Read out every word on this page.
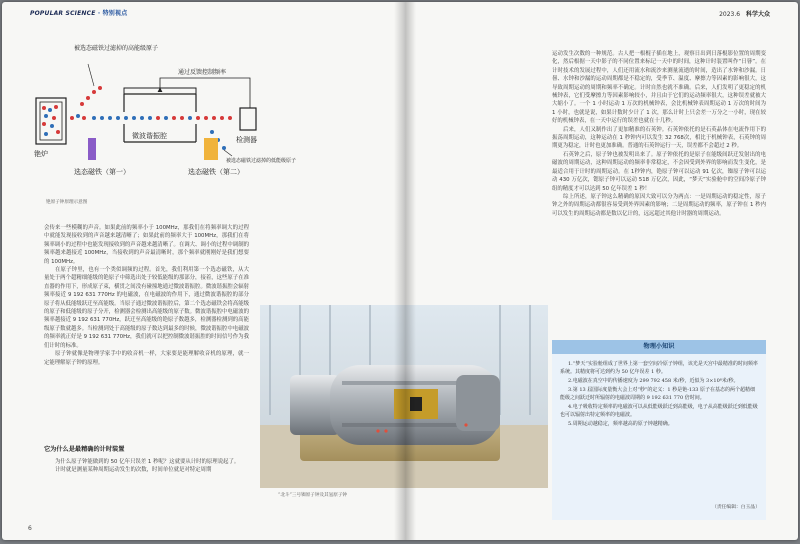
POPULAR SCIENCE · 特别视点	2023.6 科学大众
被选态磁铁过滤掉的高能级原子
通过反馈控制频率
铯炉
微波谐振腔	检测器
选态磁铁（第一）	选态磁铁（第二）
被选态磁铁过滤掉的低能级原子
铯原子钟原理示意图

会传来一些模糊的声音。如果此前的频率小于 100MHz，那我们在将频率调大的过程中就能发现接收到的声音越来越清晰了；如果此前的频率大于 100MHz，那我们在将频率调小的过程中也能发现接收到的声音越来越清晰了。在调大、调小的过程中调制的频率越来越接近 100MHz，当接收到的声音最清晰时，那个频率就刚刚好是我们想要的 100MHz。

在原子钟里，也有一个类似调频的过程。首先，我们利用第一个选态磁铁，从大量处于两个超精细能级的铯原子中筛选出处于较低能级的那部分，接着，这些原子在准直器的作用下，形成原子束，横贯之间没有碰撞地通过微波谐振腔。微波谐振腔会辐射频率接近 9 192 631 770Hz 的电磁波，在电磁波的作用下，通过微波谐振腔的部分原子将从低能级跃迁至高能级。当原子通过微波谐振腔后，第二个选态磁铁会将高能级的原子和低能级的原子分开，检测器会检测出高能级的原子数。微波谐振腔中电磁波的频率越接近 9 192 631 770Hz，跃迁至高能级的铯原子数越多，检测器检测到的高能级原子数就越多。当检测到处于高能级的原子数达到最多的时候，微波谐振腔中电磁波的频率就正好是 9 192 631 770Hz，我们就可以把控制微波谐振腔的时间信号作为我们计时的标准。

原子钟就像是物理学家手中的收音机一样，大家要是能理解收音机的原理，就一定能理解原子钟的原理。

它为什么是最精确的计时装置

为什么原子钟能做到的 50 亿年只误差 1 秒呢？这就要从计时的原理说起了。

计时就是测量某种周期运动发生的次数，时间单位就是对特定周期

6
“北斗”三号铷原子钟及其氢原子钟

运动发生次数的一种规范。古人把一根棍子插在地上，观察日出到日落棍影位置的周期变化，然后根据一天中影子的不同位置来标记一天中的时间，这种计时装置叫作“日晷”。在计时技术的发展过程中，人们还用流水和流沙来测量流逝的时间，造出了水钟和沙漏。日晷、水钟和沙漏的运动周期都是不稳定的，受季节、温度、摩擦力等因素的影响很大，这导致周期运动的周期和频率不确定。计时自然也就不准确。后来，人们发明了更稳定的机械钟表，它们受摩擦力等因素影响较小，并且由于它们的运动频率很大，这种误差就被大大缩小了。一个 1 小时运动 1 万次的机械钟表，会比机械钟表周期运动 1 万次的时间为 1 小时，也就是说，如果计数时少计了 1 次，那么计时上只会差一万分之一小时，现在较好的机械钟表，在一天中运行的误差也就在十几秒。

后来，人们又制作出了更加精准的石英钟。石英钟依托的是石英晶体在电流作用下的振荡周期运动，这种运动在 1 秒钟内可以发生 32 768次，相比于机械钟表，石英钟的周期更为稳定，计时也更加准确。普通的石英钟运行一天，误差都不会超过 2 秒。

石英钟之后，原子钟也被发明出来了。原子钟依托的是原子在能级间跃迁发射出的电磁波的周期运动，这种周期运动的频率非常稳定，不会因受到外界的影响而发生变化，是最适合用于计时的周期运动。在 1秒钟内，铯原子钟可以运动 91 亿次，铷原子钟可以运动 430 万亿次，锶原子钟可以运动 518 万亿次，因此，“梦天”实验舱中的空间冷原子钟组的精度才可以达到 50 亿年误差 1 秒！

综上所述，原子钟这么精确的原因大致可以分为两点：一是周期运动的稳定性，原子钟之外的周期运动都很容易受到外界因素的影响；二是周期运动的频率，原子钟在 1 秒内可以发生的周期运动都是数以亿计的，远远超过其他计时器的周期运动。

物理小知识

1.“梦天”实验舱组成了世界上第一套空间冷原子钟组，该光是天宫中最精准的时间频率系统。其精度将可达到约为 50 亿年误差 1 秒。

2.电磁波在真空中的传播速度为 299 792 458 米/秒，近似为 3×10⁸米/秒。

3.第 13 届国际度量衡大会上对“秒”的定义：1 秒是铯-133 原子在基态的两个超精细能级之间跃迁时所辐射的电磁波周期的 9 192 631 770 倍时间。

4.电子吸收特定频率的电磁波可以从低能级跃迁到高能级，电子从高能级跃迁到低能级也可以辐射出特定频率的电磁波。

5.周期运动越稳定，频率越高的原子钟越精确。

（责任编辑：白玉晶）
